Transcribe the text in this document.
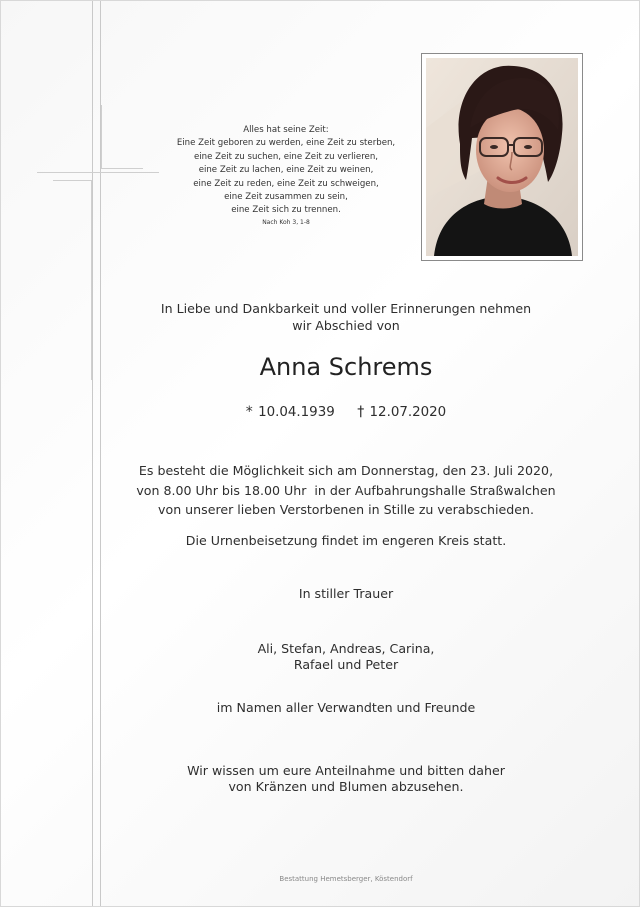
Alles hat seine Zeit:
Eine Zeit geboren zu werden, eine Zeit zu sterben,
eine Zeit zu suchen, eine Zeit zu verlieren,
eine Zeit zu lachen, eine Zeit zu weinen,
eine Zeit zu reden, eine Zeit zu schweigen,
eine Zeit zusammen zu sein,
eine Zeit sich zu trennen.
Nach Koh 3, 1-8
In Liebe und Dankbarkeit und voller Erinnerungen nehmen
wir Abschied von
Anna Schrems
* 10.04.1939 † 12.07.2020
Es besteht die Möglichkeit sich am Donnerstag, den 23. Juli 2020,
von 8.00 Uhr bis 18.00 Uhr  in der Aufbahrungshalle Straßwalchen
von unserer lieben Verstorbenen in Stille zu verabschieden.
Die Urnenbeisetzung findet im engeren Kreis statt.
In stiller Trauer
Ali, Stefan, Andreas, Carina,
Rafael und Peter
im Namen aller Verwandten und Freunde
Wir wissen um eure Anteilnahme und bitten daher
von Kränzen und Blumen abzusehen.
Bestattung Hemetsberger, Köstendorf
